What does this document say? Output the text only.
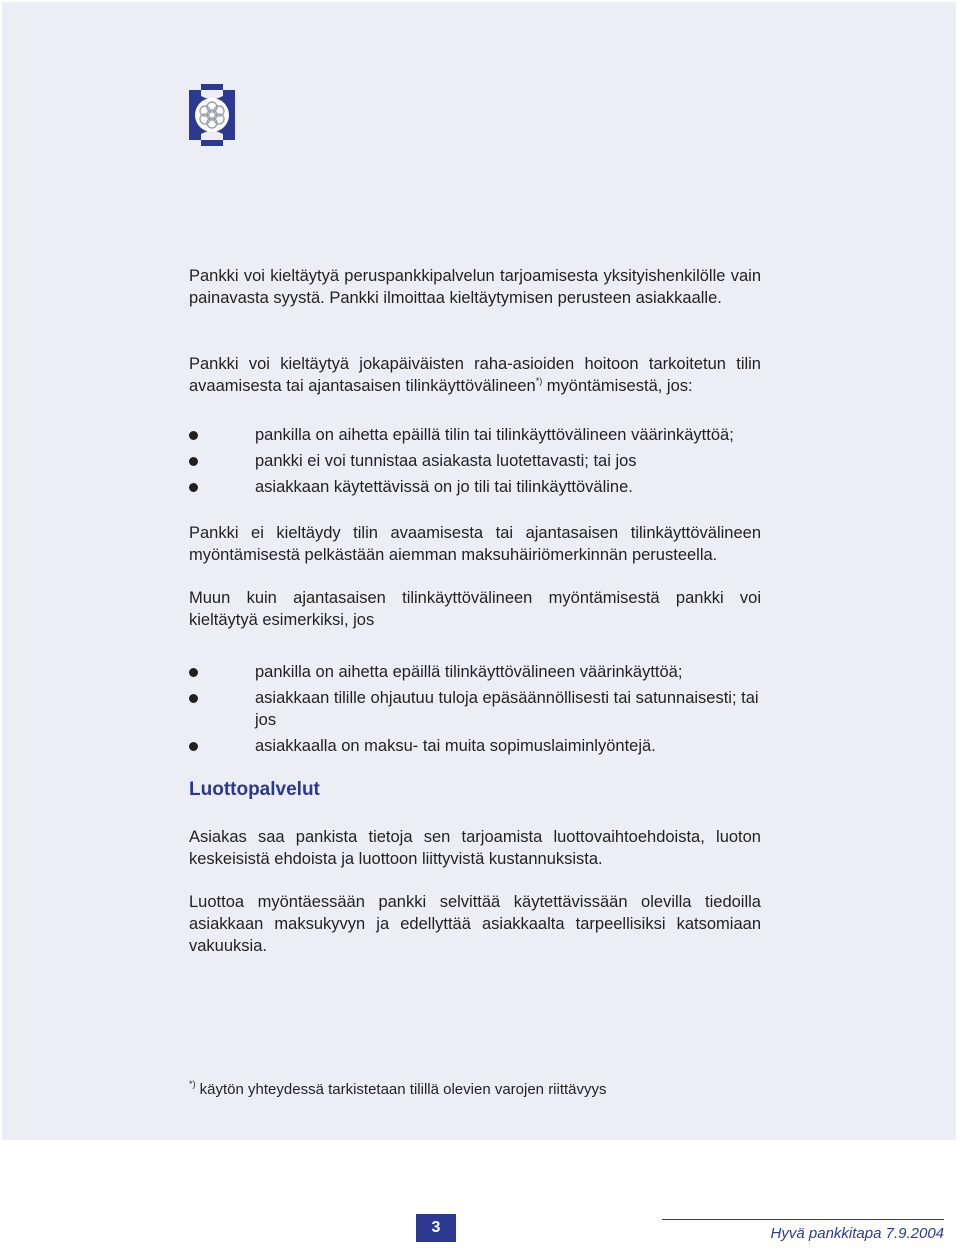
Pankki voi kieltäytyä peruspankkipalvelun tarjoamisesta yksityishenkilölle vain painavasta syystä. Pankki ilmoittaa kieltäytymisen perusteen asiakkaalle.

Pankki voi kieltäytyä jokapäiväisten raha-asioiden hoitoon tarkoitetun tilin avaamisesta tai ajantasaisen tilinkäyttövälineen*) myöntämisestä, jos:

pankilla on aihetta epäillä tilin tai tilinkäyttövälineen väärinkäyttöä;
pankki ei voi tunnistaa asiakasta luotettavasti; tai jos
asiakkaan käytettävissä on jo tili tai tilinkäyttöväline.

Pankki ei kieltäydy tilin avaamisesta tai ajantasaisen tilinkäyttövälineen myöntämisestä pelkästään aiemman maksuhäiriömerkinnän perusteella.

Muun kuin ajantasaisen tilinkäyttövälineen myöntämisestä pankki voi kieltäytyä esimerkiksi, jos

pankilla on aihetta epäillä tilinkäyttövälineen väärinkäyttöä;
asiakkaan tilille ohjautuu tuloja epäsäännöllisesti tai satunnaisesti; tai jos
asiakkaalla on maksu- tai muita sopimuslaiminlyöntejä.
Luottopalvelut

Asiakas saa pankista tietoja sen tarjoamista luottovaihtoehdoista, luoton keskeisistä ehdoista ja luottoon liittyvistä kustannuksista.

Luottoa myöntäessään pankki selvittää käytettävissään olevilla tiedoilla asiakkaan maksukyvyn ja edellyttää asiakkaalta tarpeellisiksi katsomiaan vakuuksia.

*) käytön yhteydessä tarkistetaan tilillä olevien varojen riittävyys
3	Hyvä pankkitapa 7.9.2004
